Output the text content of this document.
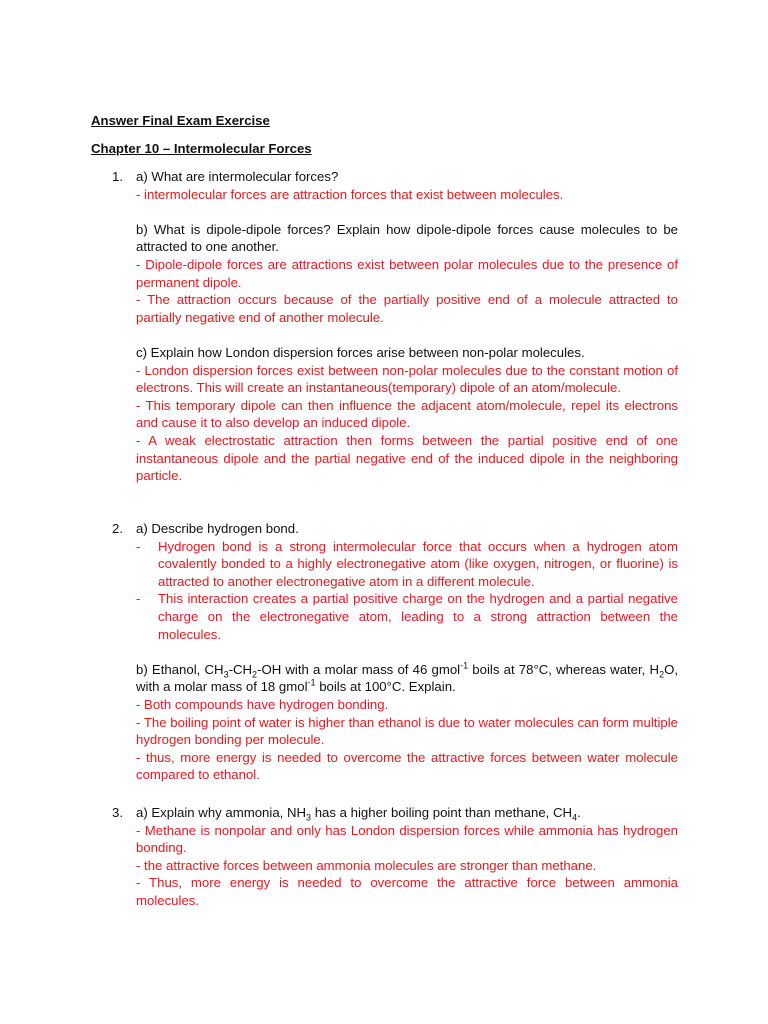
Answer Final Exam Exercise
Chapter 10 – Intermolecular Forces
1. a) What are intermolecular forces?
- intermolecular forces are attraction forces that exist between molecules.
b) What is dipole-dipole forces? Explain how dipole-dipole forces cause molecules to be attracted to one another.
- Dipole-dipole forces are attractions exist between polar molecules due to the presence of permanent dipole.
- The attraction occurs because of the partially positive end of a molecule attracted to partially negative end of another molecule.
c) Explain how London dispersion forces arise between non-polar molecules.
- London dispersion forces exist between non-polar molecules due to the constant motion of electrons. This will create an instantaneous(temporary) dipole of an atom/molecule.
- This temporary dipole can then influence the adjacent atom/molecule, repel its electrons and cause it to also develop an induced dipole.
- A weak electrostatic attraction then forms between the partial positive end of one instantaneous dipole and the partial negative end of the induced dipole in the neighboring particle.
2. a) Describe hydrogen bond.
- Hydrogen bond is a strong intermolecular force that occurs when a hydrogen atom covalently bonded to a highly electronegative atom (like oxygen, nitrogen, or fluorine) is attracted to another electronegative atom in a different molecule.
- This interaction creates a partial positive charge on the hydrogen and a partial negative charge on the electronegative atom, leading to a strong attraction between the molecules.
b) Ethanol, $CH_3-CH_2-OH$ with a molar mass of 46 gmol$^{-1}$ boils at 78°C, whereas water, $H_2O$, with a molar mass of 18 gmol$^{-1}$ boils at 100°C. Explain.
- Both compounds have hydrogen bonding.
- The boiling point of water is higher than ethanol is due to water molecules can form multiple hydrogen bonding per molecule.
- thus, more energy is needed to overcome the attractive forces between water molecule compared to ethanol.
3. a) Explain why ammonia, $NH_3$ has a higher boiling point than methane, $CH_4$.
- Methane is nonpolar and only has London dispersion forces while ammonia has hydrogen bonding.
- the attractive forces between ammonia molecules are stronger than methane.
- Thus, more energy is needed to overcome the attractive force between ammonia molecules.
